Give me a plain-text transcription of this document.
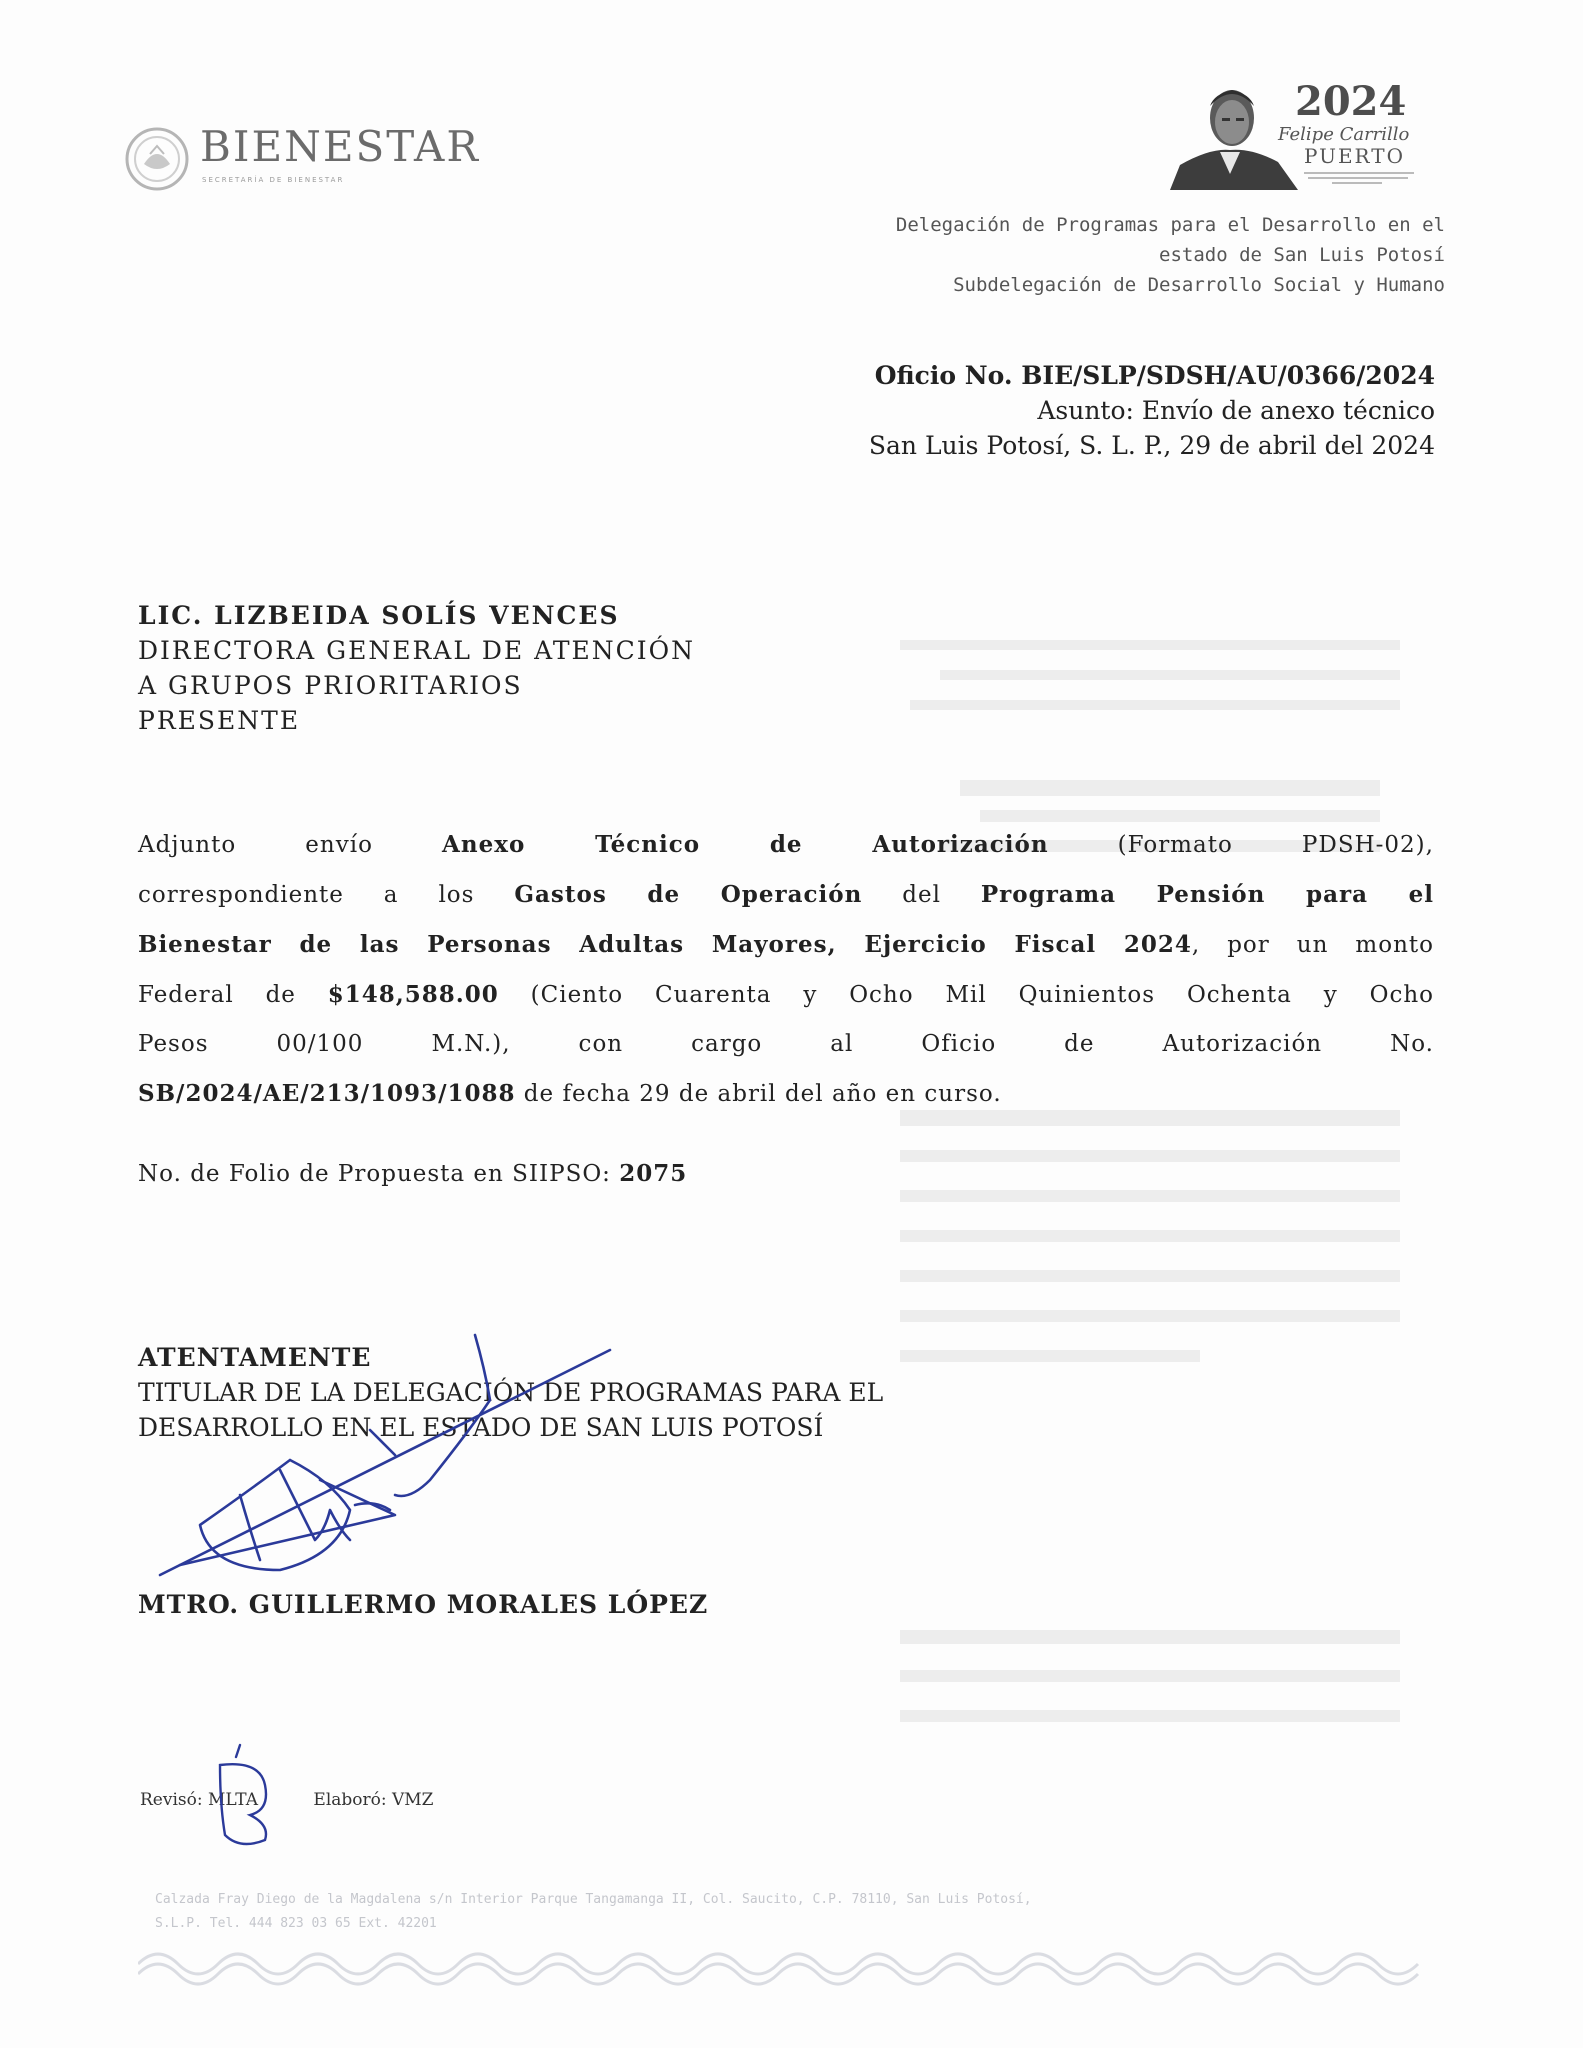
BIENESTAR
SECRETARÍA DE BIENESTAR
2024
Felipe Carrillo
PUERTO
Delegación de Programas para el Desarrollo en el
estado de San Luis Potosí
Subdelegación de Desarrollo Social y Humano
Oficio No. BIE/SLP/SDSH/AU/0366/2024
Asunto: Envío de anexo técnico
San Luis Potosí, S. L. P., 29 de abril del 2024
LIC. LIZBEIDA SOLÍS VENCES
DIRECTORA GENERAL DE ATENCIÓN
A GRUPOS PRIORITARIOS
PRESENTE
Adjunto envío Anexo Técnico de Autorización (Formato PDSH-02),
correspondiente a los Gastos de Operación del Programa Pensión para el
Bienestar de las Personas Adultas Mayores, Ejercicio Fiscal 2024, por un monto
Federal de $148,588.00 (Ciento Cuarenta y Ocho Mil Quinientos Ochenta y Ocho
Pesos 00/100 M.N.), con cargo al Oficio de Autorización No.
SB/2024/AE/213/1093/1088 de fecha 29 de abril del año en curso.
No. de Folio de Propuesta en SIIPSO: 2075
ATENTAMENTE
TITULAR DE LA DELEGACIÓN DE PROGRAMAS PARA EL
DESARROLLO EN EL ESTADO DE SAN LUIS POTOSÍ
MTRO. GUILLERMO MORALES LÓPEZ
Revisó: MLTA	Elaboró: VMZ
Calzada Fray Diego de la Magdalena s/n Interior Parque Tangamanga II, Col. Saucito, C.P. 78110, San Luis Potosí,
S.L.P. Tel. 444 823 03 65 Ext. 42201
